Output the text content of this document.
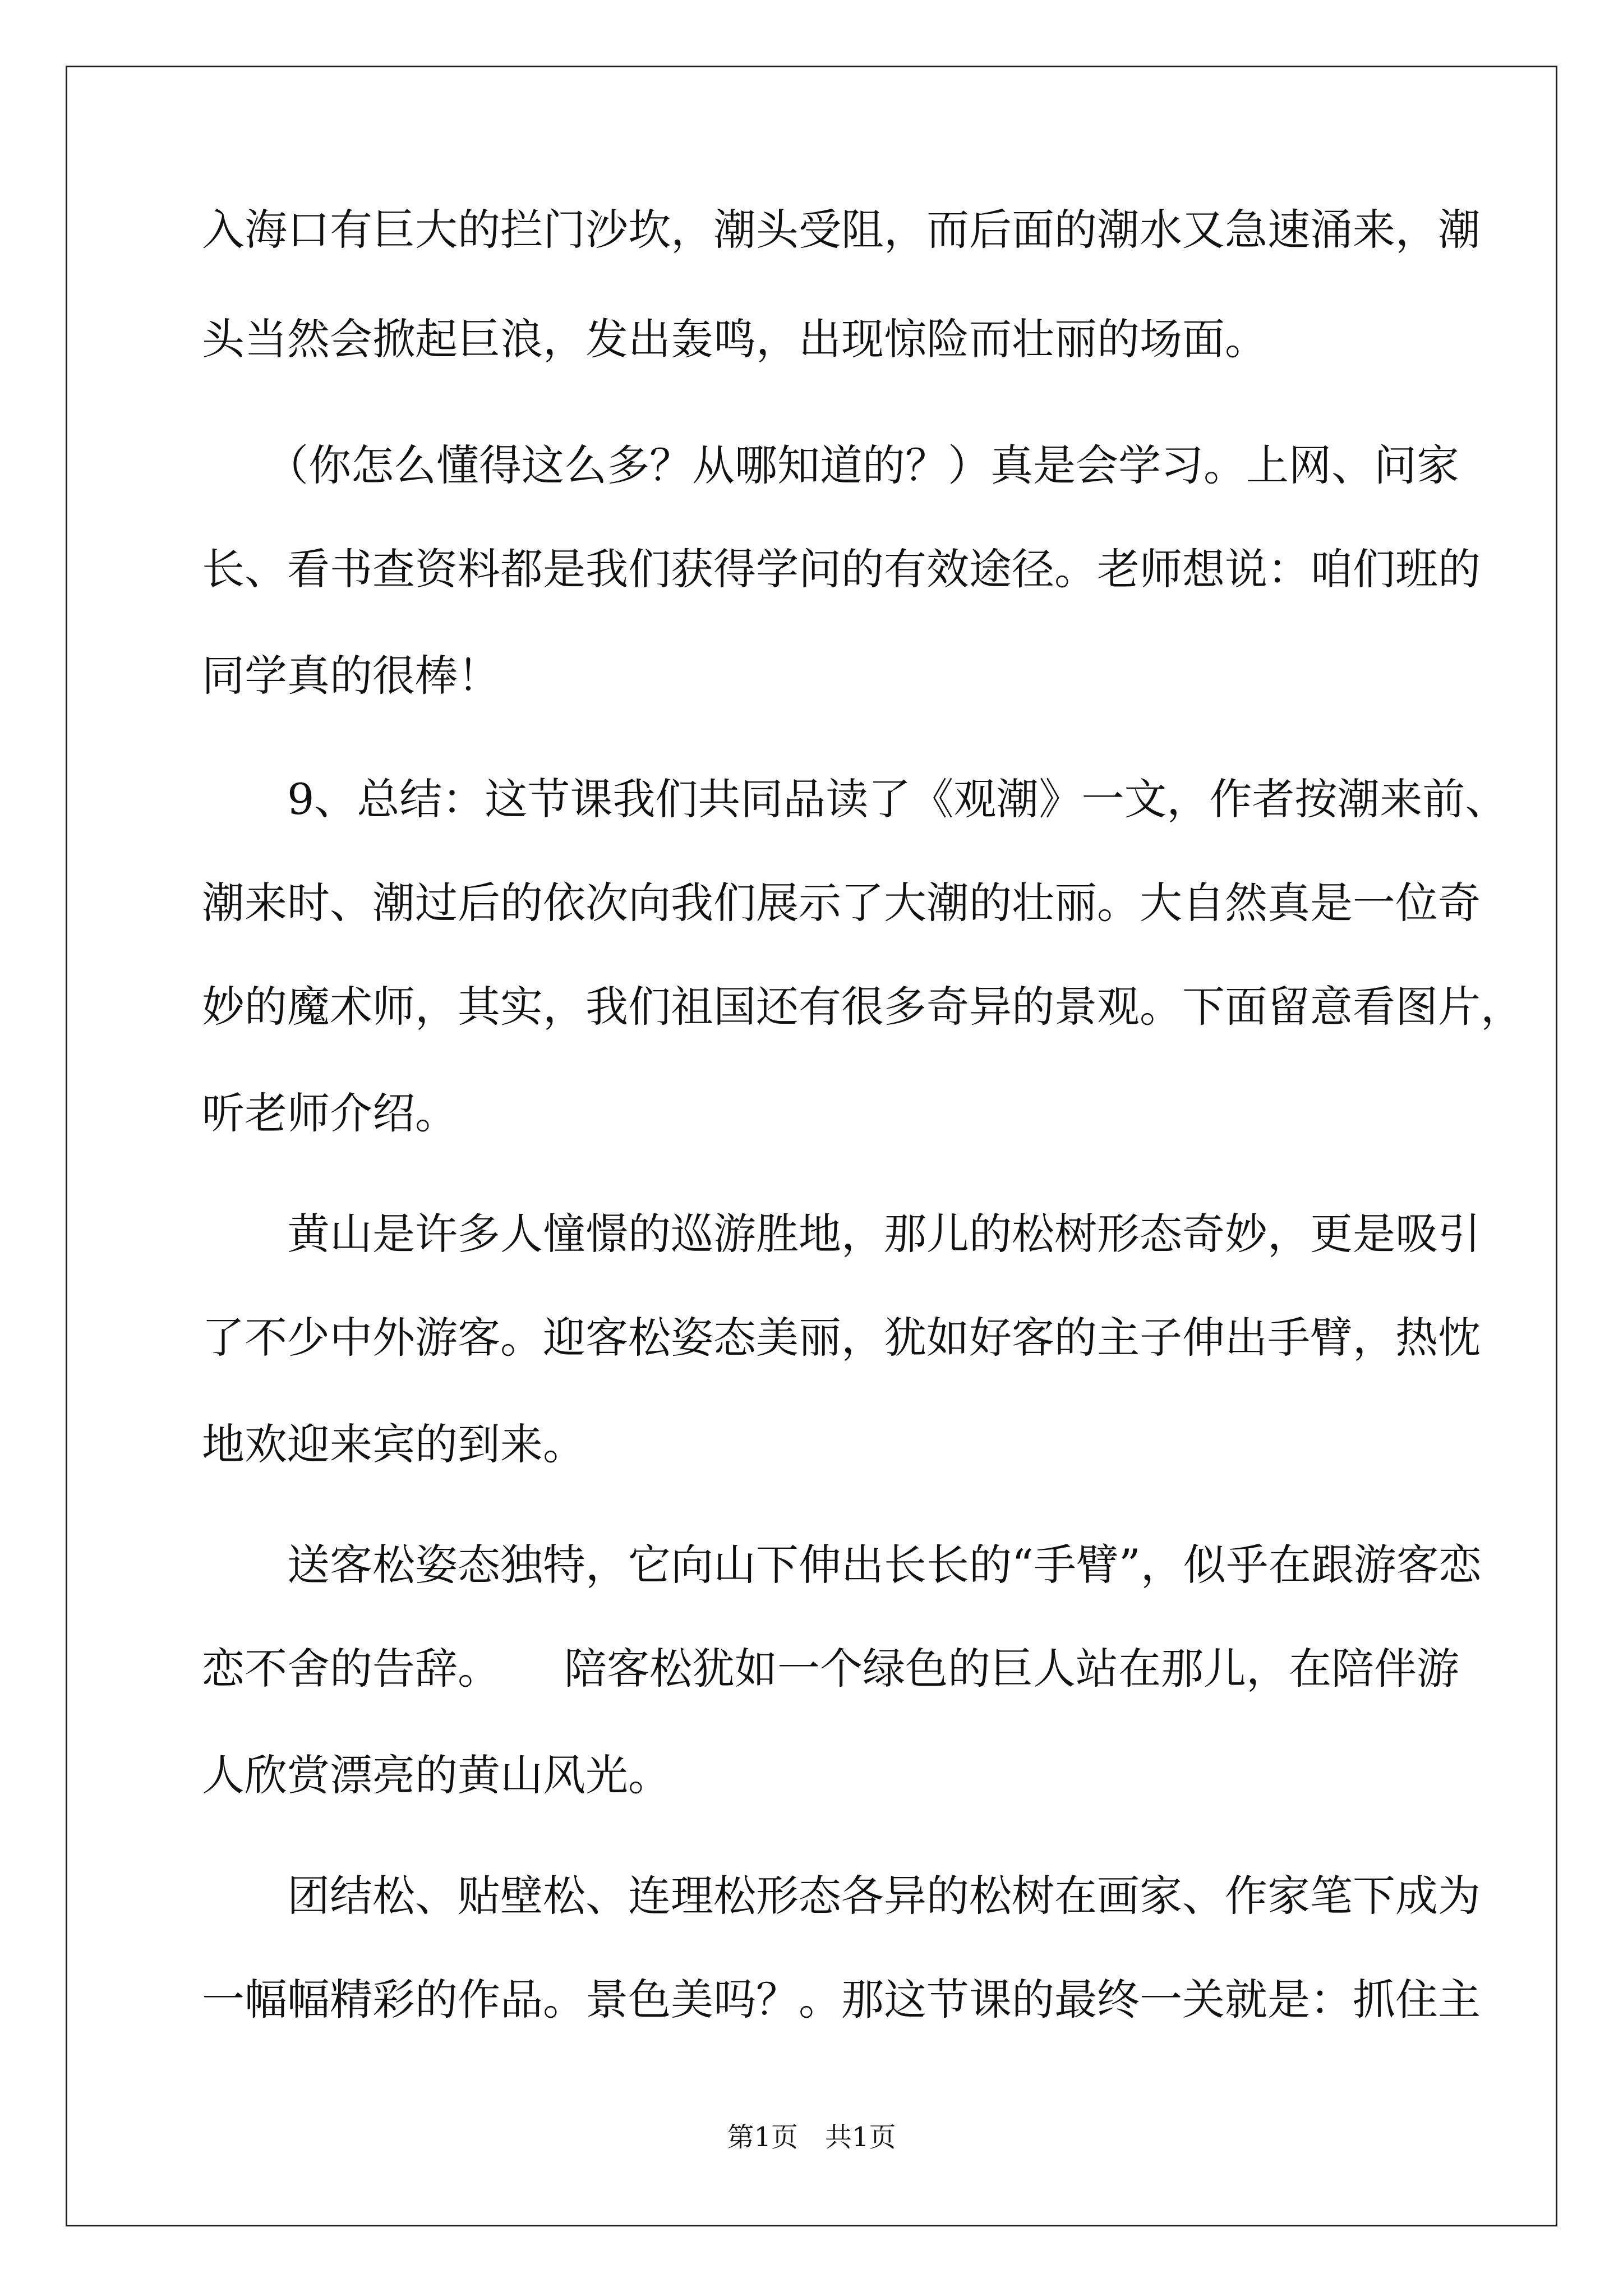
入海口有巨大的拦门沙坎，潮头受阻，而后面的潮水又急速涌来，潮
头当然会掀起巨浪，发出轰鸣，出现惊险而壮丽的场面。
　　（你怎么懂得这么多？从哪知道的？）真是会学习。上网、问家
长、看书查资料都是我们获得学问的有效途径。老师想说：咱们班的
同学真的很棒！
　　9、总结：这节课我们共同品读了《观潮》一文，作者按潮来前、
潮来时、潮过后的依次向我们展示了大潮的壮丽。大自然真是一位奇
妙的魔术师，其实，我们祖国还有很多奇异的景观。下面留意看图片，
听老师介绍。
　　黄山是许多人憧憬的巡游胜地，那儿的松树形态奇妙，更是吸引
了不少中外游客。迎客松姿态美丽，犹如好客的主子伸出手臂，热忱
地欢迎来宾的到来。
　　送客松姿态独特，它向山下伸出长长的“手臂”，似乎在跟游客恋
恋不舍的告辞。　　陪客松犹如一个绿色的巨人站在那儿，在陪伴游
人欣赏漂亮的黄山风光。
　　团结松、贴壁松、连理松形态各异的松树在画家、作家笔下成为
一幅幅精彩的作品。景色美吗？。那这节课的最终一关就是：抓住主
第1页　共1页
